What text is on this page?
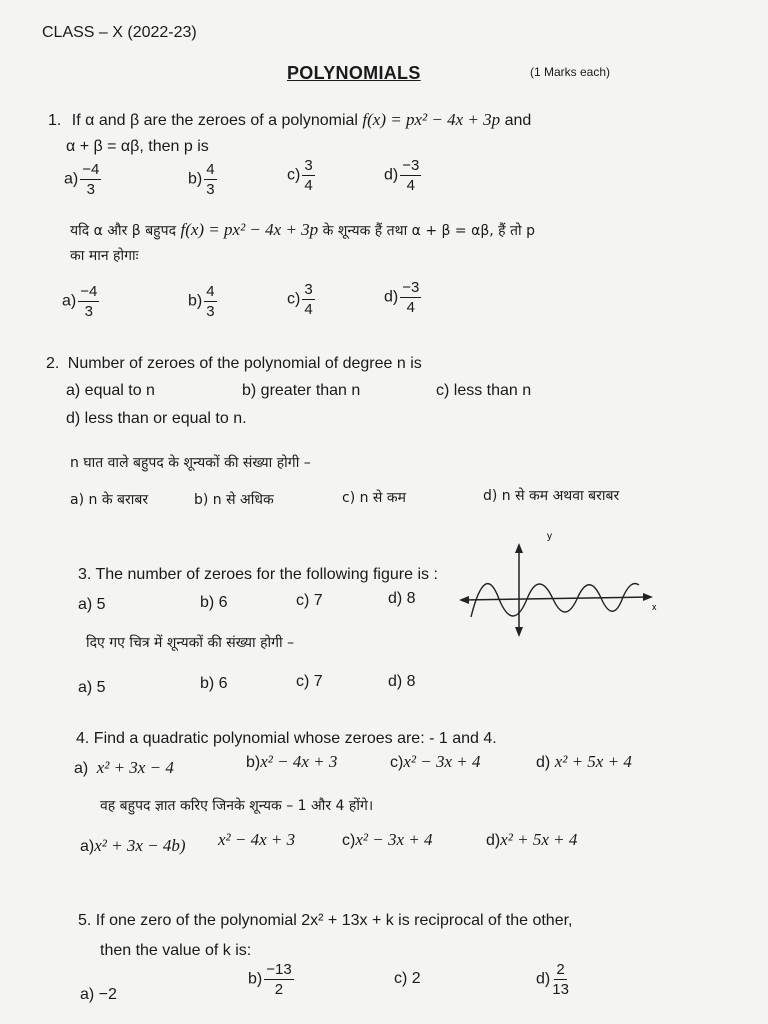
CLASS – X (2022-23)
POLYNOMIALS	(1 Marks each)
1. If α and β are the zeroes of a polynomial f(x) = px² − 4x + 3p and
α + β = αβ, then p is
$a) \frac{-4}{3}$	$b) \frac{4}{3}$	$c) \frac{3}{4}$	$d) \frac{-3}{4}$
यदि α और β बहुपद f(x) = px² − 4x + 3p के शून्यक हैं तथा α + β = αβ, हैं तो p
का मान होगाः
$a) \frac{-4}{3}$	$b) \frac{4}{3}$	$c) \frac{3}{4}$	$d) \frac{-3}{4}$
2. Number of zeroes of the polynomial of degree n is
a) equal to n	b) greater than n	c) less than n
d) less than or equal to n.
n घात वाले बहुपद के शून्यकों की संख्या होगी –
a) n के बराबर	b) n से अधिक	c) n से कम	d) n से कम अथवा बराबर
3. The number of zeroes for the following figure is :
a) 5	b) 6	c) 7	d) 8
y
x
दिए गए चित्र में शून्यकों की संख्या होगी –
a) 5	b) 6	c) 7	d) 8
4. Find a quadratic polynomial whose zeroes are: - 1 and 4.
a) x² + 3x − 4	b)x² − 4x + 3	c)x² − 3x + 4	d) x² + 5x + 4
वह बहुपद ज्ञात करिए जिनके शून्यक – 1 और 4 होंगे।
a)x² + 3x − 4b) x² − 4x + 3	c)x² − 3x + 4	d)x² + 5x + 4
5. If one zero of the polynomial 2x² + 13x + k is reciprocal of the other,
then the value of k is:
a) −2
$b) \frac{-13}{2}$	c) 2	$d) \frac{2}{13}$
